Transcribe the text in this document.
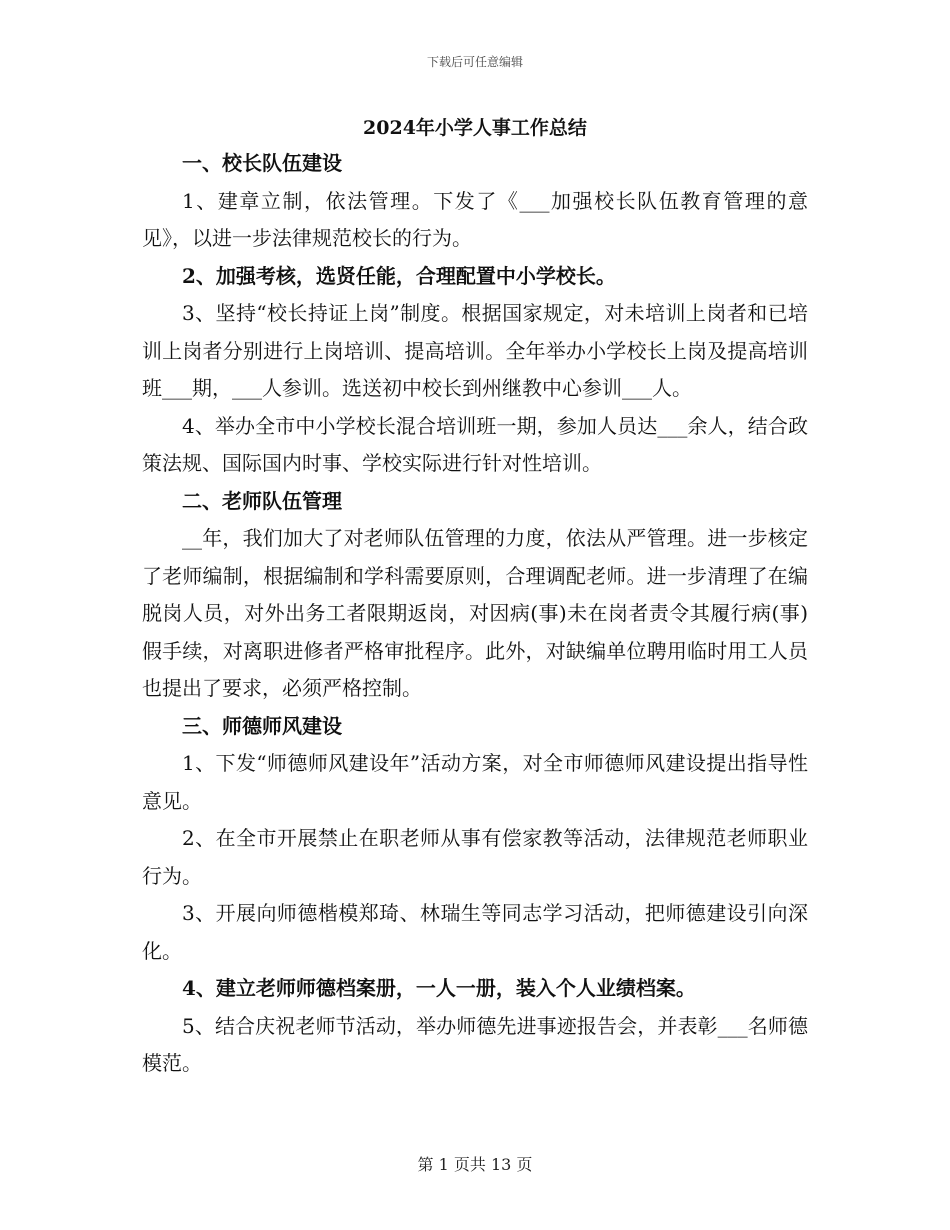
下载后可任意编辑
2024年小学人事工作总结

一、校长队伍建设

1、建章立制，依法管理。下发了《___加强校长队伍教育管理的意见》，以进一步法律规范校长的行为。

2、加强考核，选贤任能，合理配置中小学校长。

3、坚持“校长持证上岗”制度。根据国家规定，对未培训上岗者和已培训上岗者分别进行上岗培训、提高培训。全年举办小学校长上岗及提高培训班___期，___人参训。选送初中校长到州继教中心参训___人。

4、举办全市中小学校长混合培训班一期，参加人员达___余人，结合政策法规、国际国内时事、学校实际进行针对性培训。

二、老师队伍管理

__年，我们加大了对老师队伍管理的力度，依法从严管理。进一步核定了老师编制，根据编制和学科需要原则，合理调配老师。进一步清理了在编脱岗人员，对外出务工者限期返岗，对因病(事)未在岗者责令其履行病(事)假手续，对离职进修者严格审批程序。此外，对缺编单位聘用临时用工人员也提出了要求，必须严格控制。

三、师德师风建设

1、下发“师德师风建设年”活动方案，对全市师德师风建设提出指导性意见。

2、在全市开展禁止在职老师从事有偿家教等活动，法律规范老师职业行为。

3、开展向师德楷模郑琦、林瑞生等同志学习活动，把师德建设引向深化。

4、建立老师师德档案册，一人一册，装入个人业绩档案。

5、结合庆祝老师节活动，举办师德先进事迹报告会，并表彰___名师德模范。

第 1 页共 13 页
